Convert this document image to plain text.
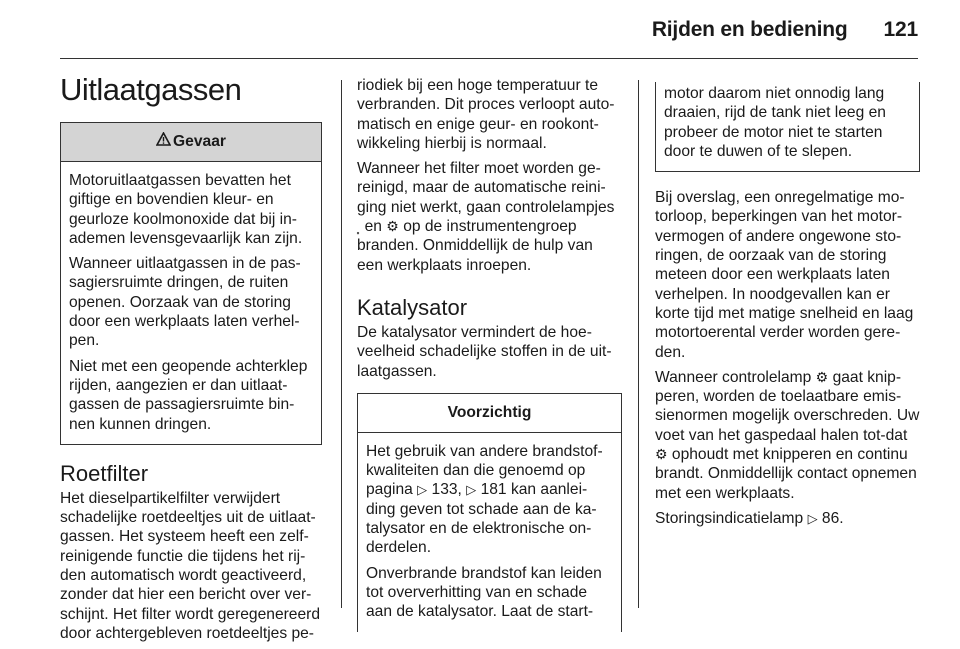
Rijden en bediening 121
Uitlaatgassen
Gevaar

Motoruitlaatgassen bevatten het giftige en bovendien kleur- en geurloze koolmonoxide dat bij in-ademen levensgevaarlijk kan zijn.

Wanneer uitlaatgassen in de pas-sagiersruimte dringen, de ruiten openen. Oorzaak van de storing door een werkplaats laten verhel-pen.

Niet met een geopende achterklep rijden, aangezien er dan uitlaat-gassen de passagiersruimte bin-nen kunnen dringen.

Roetfilter

Het dieselpartikelfilter verwijdert schadelijke roetdeeltjes uit de uitlaat-gassen. Het systeem heeft een zelf-reinigende functie die tijdens het rij-den automatisch wordt geactiveerd, zonder dat hier een bericht over ver-schijnt. Het filter wordt geregenereerd door achtergebleven roetdeeltjes pe-

riodiek bij een hoge temperatuur te verbranden. Dit proces verloopt auto-matisch en enige geur- en rookont-wikkeling hierbij is normaal.

Wanneer het filter moet worden ge-reinigd, maar de automatische reini-ging niet werkt, gaan controlelampjes
⸼ en ⚙ op de instrumentengroep branden. Onmiddellijk de hulp van een werkplaats inroepen.

Katalysator

De katalysator vermindert de hoe-veelheid schadelijke stoffen in de uit-laatgassen.

Voorzichtig

Het gebruik van andere brandstof-kwaliteiten dan die genoemd op pagina ▷ 133, ▷ 181 kan aanlei-ding geven tot schade aan de ka-talysator en de elektronische on-derdelen.

Onverbrande brandstof kan leiden tot oververhitting van en schade aan de katalysator. Laat de start-

motor daarom niet onnodig lang draaien, rijd de tank niet leeg en probeer de motor niet te starten door te duwen of te slepen.

Bij overslag, een onregelmatige mo-torloop, beperkingen van het motor-vermogen of andere ongewone sto-ringen, de oorzaak van de storing meteen door een werkplaats laten verhelpen. In noodgevallen kan er korte tijd met matige snelheid en laag motortoerental verder worden gere-den.

Wanneer controlelamp ⚙ gaat knip-peren, worden de toelaatbare emis-sienormen mogelijk overschreden. Uw voet van het gaspedaal halen tot-dat ⚙ ophoudt met knipperen en continu brandt. Onmiddellijk contact opnemen met een werkplaats.

Storingsindicatielamp ▷ 86.
